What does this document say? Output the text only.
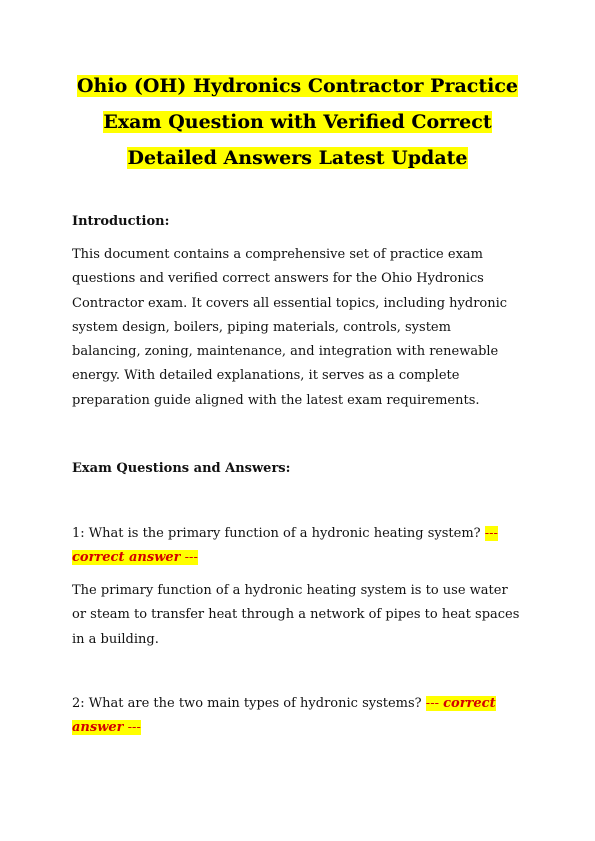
Ohio (OH) Hydronics Contractor Practice
Exam Question with Verified Correct
Detailed Answers Latest Update
Introduction:
This document contains a comprehensive set of practice exam
questions and verified correct answers for the Ohio Hydronics
Contractor exam. It covers all essential topics, including hydronic
system design, boilers, piping materials, controls, system
balancing, zoning, maintenance, and integration with renewable
energy. With detailed explanations, it serves as a complete
preparation guide aligned with the latest exam requirements.
Exam Questions and Answers:
1: What is the primary function of a hydronic heating system? ---
correct answer ---
The primary function of a hydronic heating system is to use water
or steam to transfer heat through a network of pipes to heat spaces
in a building.
2: What are the two main types of hydronic systems? --- correct
answer ---
